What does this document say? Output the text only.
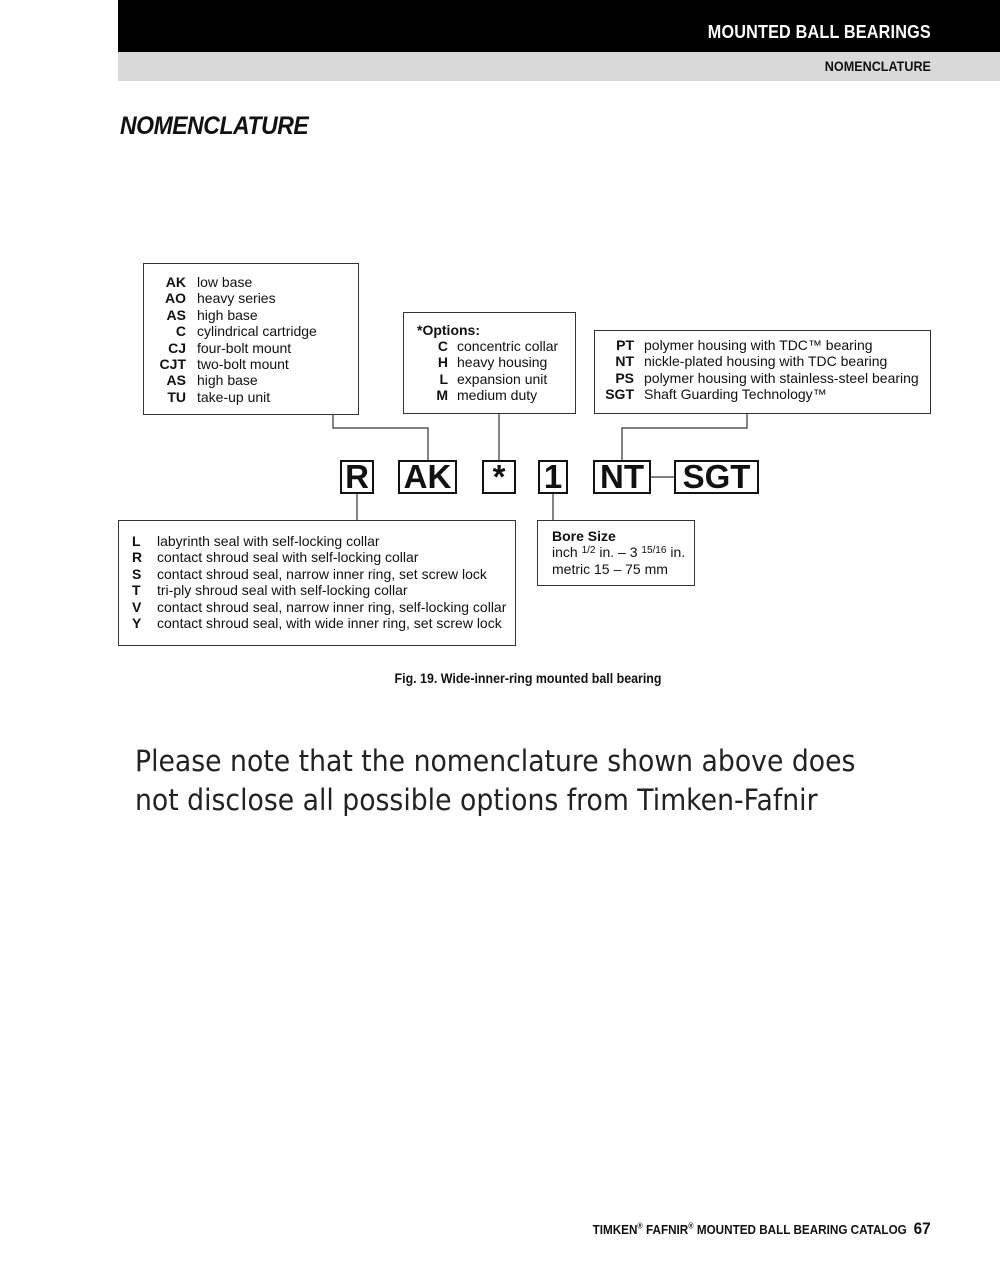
MOUNTED BALL BEARINGS
NOMENCLATURE
NOMENCLATURE
AK low base
AO heavy series
AS high base
C cylindrical cartridge
CJ four-bolt mount
CJT two-bolt mount
AS high base
TU take-up unit
*Options:
C concentric collar
H heavy housing
L expansion unit
M medium duty
PT polymer housing with TDC™ bearing
NT nickle-plated housing with TDC bearing
PS polymer housing with stainless-steel bearing
SGT Shaft Guarding Technology™
R AK	*	1 NT SGT
L	labyrinth seal with self-locking collar
R contact shroud seal with self-locking collar
S	contact shroud seal, narrow inner ring, set screw lock
T	tri-ply shroud seal with self-locking collar
V	contact shroud seal, narrow inner ring, self-locking collar
Y	contact shroud seal, with wide inner ring, set screw lock
Bore Size
inch $^{1/2}$ in. – 3 $^{15/16}$ in.
metric 15 – 75 mm
Fig. 19. Wide-inner-ring mounted ball bearing
Please note that the nomenclature shown above does not disclose all possible options from Timken-Fafnir
TIMKEN® FAFNIR® MOUNTED BALL BEARING CATALOG 67
